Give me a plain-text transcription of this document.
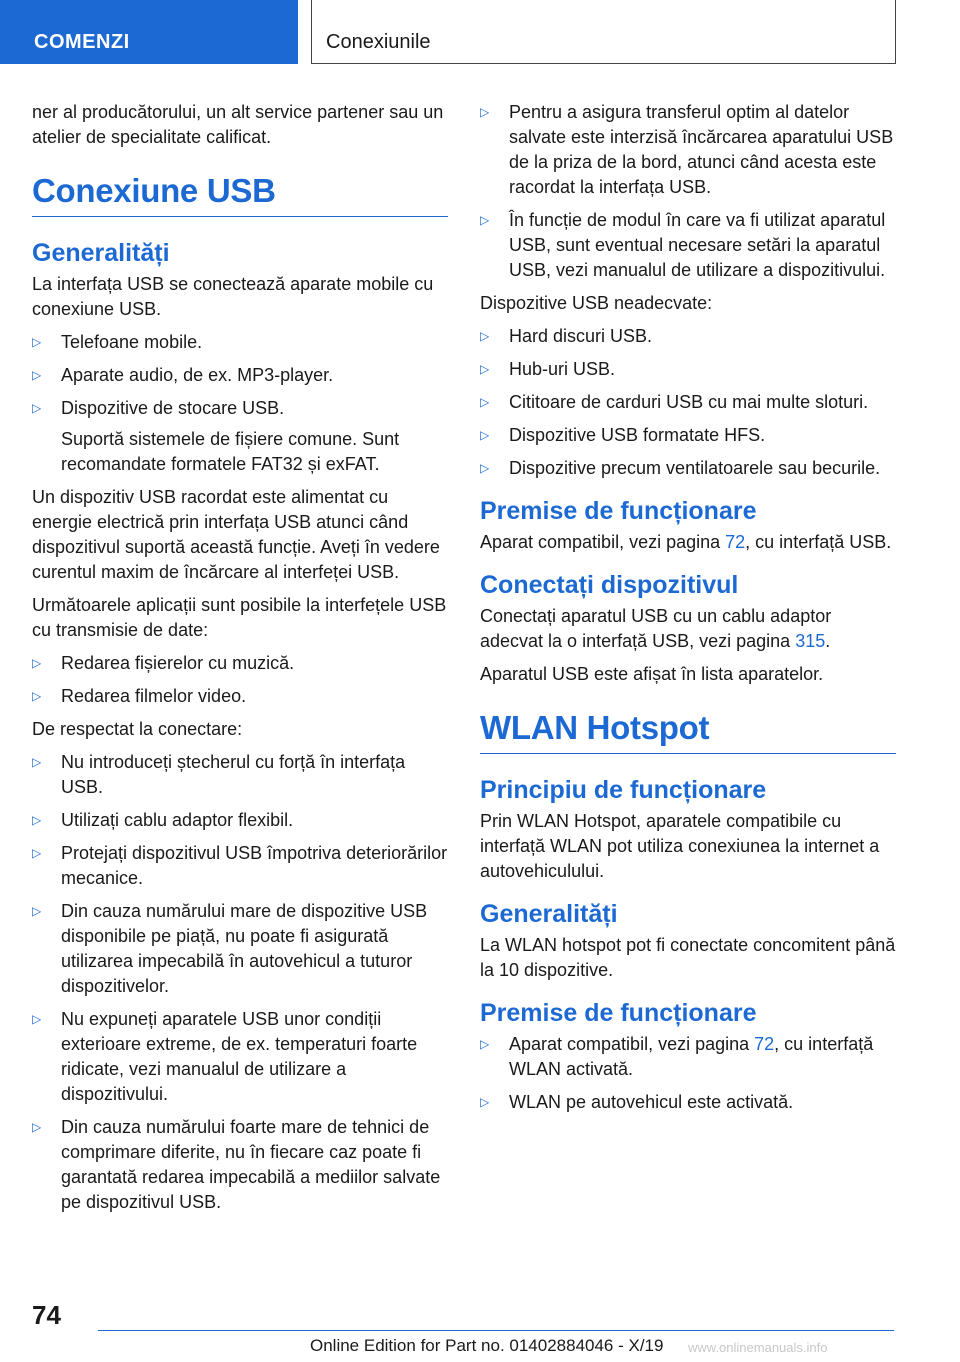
COMENZI	Conexiunile

ner al producătorului, un alt service partener sau un atelier de specialitate calificat.

Conexiune USB
Generalități

La interfața USB se conectează aparate mobile cu conexiune USB.

▷ Telefoane mobile.
▷ Aparate audio, de ex. MP3-player.
▷ Dispozitive de stocare USB.
Suportă sistemele de fișiere comune. Sunt recomandate formatele FAT32 și exFAT.

Un dispozitiv USB racordat este alimentat cu energie electrică prin interfața USB atunci când dispozitivul suportă această funcție. Aveți în vedere curentul maxim de încărcare al interfeței USB.

Următoarele aplicații sunt posibile la interfețele USB cu transmisie de date:

▷ Redarea fișierelor cu muzică.
▷ Redarea filmelor video.

De respectat la conectare:

▷ Nu introduceți ștecherul cu forță în interfața USB.
▷ Utilizați cablu adaptor flexibil.
▷ Protejați dispozitivul USB împotriva deteriorărilor mecanice.
▷ Din cauza numărului mare de dispozitive USB disponibile pe piață, nu poate fi asigurată utilizarea impecabilă în autovehicul a tuturor dispozitivelor.
▷ Nu expuneți aparatele USB unor condiții exterioare extreme, de ex. temperaturi foarte ridicate, vezi manualul de utilizare a dispozitivului.
▷ Din cauza numărului foarte mare de tehnici de comprimare diferite, nu în fiecare caz poate fi garantată redarea impecabilă a mediilor salvate pe dispozitivul USB.
▷ Pentru a asigura transferul optim al datelor salvate este interzisă încărcarea aparatului USB de la priza de la bord, atunci când acesta este racordat la interfața USB.
▷ În funcție de modul în care va fi utilizat aparatul USB, sunt eventual necesare setări la aparatul USB, vezi manualul de utilizare a dispozitivului.

Dispozitive USB neadecvate:

▷ Hard discuri USB.
▷ Hub-uri USB.
▷ Cititoare de carduri USB cu mai multe sloturi.
▷ Dispozitive USB formatate HFS.
▷ Dispozitive precum ventilatoarele sau becurile.
Premise de funcționare

Aparat compatibil, vezi pagina 72, cu interfață USB.

Conectați dispozitivul

Conectați aparatul USB cu un cablu adaptor adecvat la o interfață USB, vezi pagina 315.

Aparatul USB este afișat în lista aparatelor.

WLAN Hotspot
Principiu de funcționare

Prin WLAN Hotspot, aparatele compatibile cu interfață WLAN pot utiliza conexiunea la internet a autovehiculului.

Generalități

La WLAN hotspot pot fi conectate concomitent până la 10 dispozitive.

Premise de funcționare
▷ Aparat compatibil, vezi pagina 72, cu interfață WLAN activată.
▷ WLAN pe autovehicul este activată.
74
Online Edition for Part no. 01402884046 - X/19 www.onlinemanuals.info
